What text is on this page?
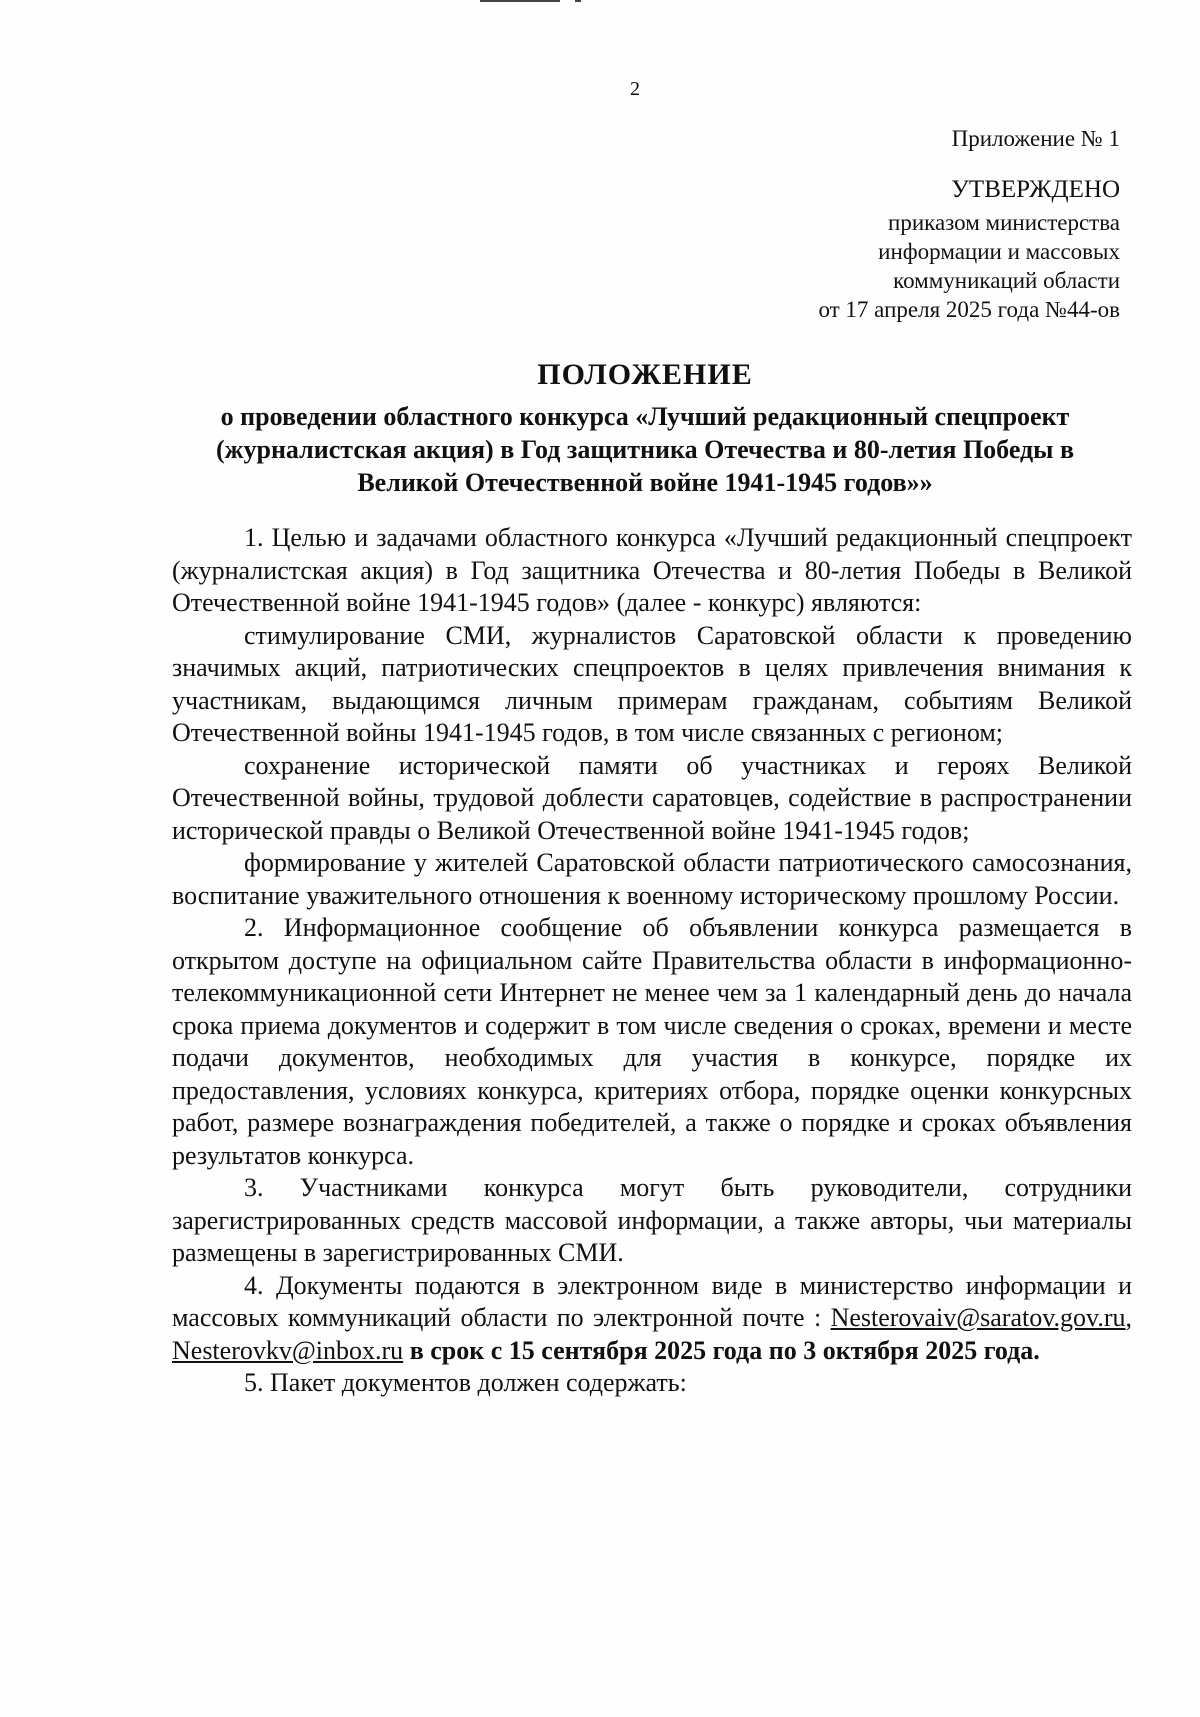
2
Приложение № 1
УТВЕРЖДЕНО
приказом министерства
информации и массовых
коммуникаций области
от 17 апреля 2025 года №44-ов
ПОЛОЖЕНИЕ
о проведении областного конкурса «Лучший редакционный спецпроект
(журналистская акция) в Год защитника Отечества и 80-летия Победы в
Великой Отечественной войне 1941-1945 годов»»

1. Целью и задачами областного конкурса «Лучший редакционный спецпроект (журналистская акция) в Год защитника Отечества и 80-летия Победы в Великой Отечественной войне 1941-1945 годов» (далее - конкурс) являются:

стимулирование СМИ, журналистов Саратовской области к проведению значимых акций, патриотических спецпроектов в целях привлечения внимания к участникам, выдающимся личным примерам гражданам, событиям Великой Отечественной войны 1941-1945 годов, в том числе связанных с регионом;

сохранение исторической памяти об участниках и героях Великой Отечественной войны, трудовой доблести саратовцев, содействие в распространении исторической правды о Великой Отечественной войне 1941-1945 годов;

формирование у жителей Саратовской области патриотического самосознания, воспитание уважительного отношения к военному историческому прошлому России.

2. Информационное сообщение об объявлении конкурса размещается в открытом доступе на официальном сайте Правительства области в информационно-телекоммуникационной сети Интернет не менее чем за 1 календарный день до начала срока приема документов и содержит в том числе сведения о сроках, времени и месте подачи документов, необходимых для участия в конкурсе, порядке их предоставления, условиях конкурса, критериях отбора, порядке оценки конкурсных работ, размере вознаграждения победителей, а также о порядке и сроках объявления результатов конкурса.

3. Участниками конкурса могут быть руководители, сотрудники зарегистрированных средств массовой информации, а также авторы, чьи материалы размещены в зарегистрированных СМИ.

4. Документы подаются в электронном виде в министерство информации и массовых коммуникаций области по электронной почте : Nesterovaiv@saratov.gov.ru, Nesterovkv@inbox.ru в срок с 15 сентября 2025 года по 3 октября 2025 года.

5. Пакет документов должен содержать:
